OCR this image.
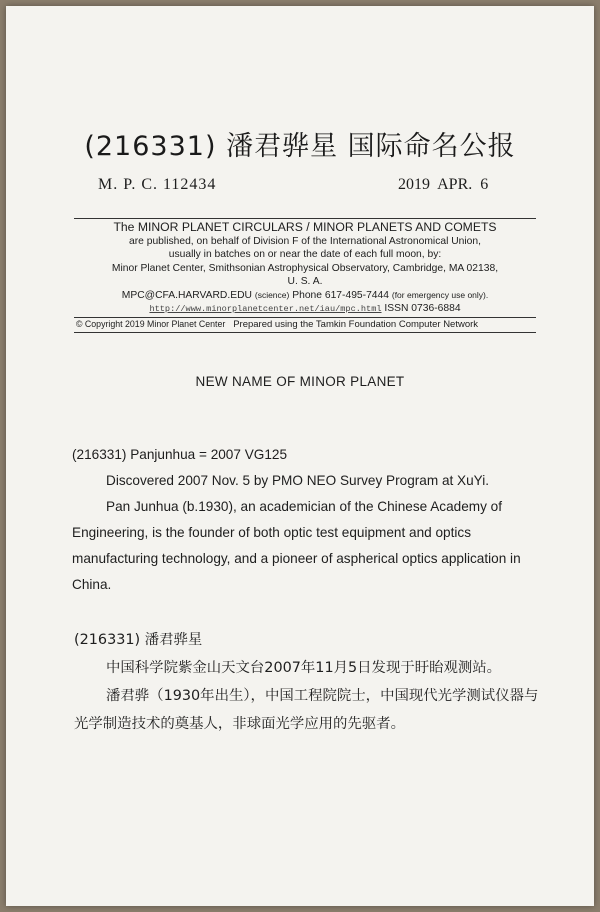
(216331) 潘君骅星 国际命名公报
M. P. C. 112434	2019 APR. 6
The MINOR PLANET CIRCULARS / MINOR PLANETS AND COMETS
are published, on behalf of Division F of the International Astronomical Union,
usually in batches on or near the date of each full moon, by:
Minor Planet Center, Smithsonian Astrophysical Observatory, Cambridge, MA 02138,
U. S. A.
MPC@CFA.HARVARD.EDU (science) Phone 617-495-7444 (for emergency use only).
http://www.minorplanetcenter.net/iau/mpc.html ISSN 0736-6884
© Copyright 2019 Minor Planet Center Prepared using the Tamkin Foundation Computer Network
NEW NAME OF MINOR PLANET

(216331) Panjunhua = 2007 VG125

Discovered 2007 Nov. 5 by PMO NEO Survey Program at XuYi.

Pan Junhua (b.1930), an academician of the Chinese Academy of Engineering, is the founder of both optic test equipment and optics manufacturing technology, and a pioneer of aspherical optics application in China.

(216331) 潘君骅星

中国科学院紫金山天文台2007年11月5日发现于盱眙观测站。

潘君骅（1930年出生），中国工程院院士，中国现代光学测试仪器与光学制造技术的奠基人，非球面光学应用的先驱者。
